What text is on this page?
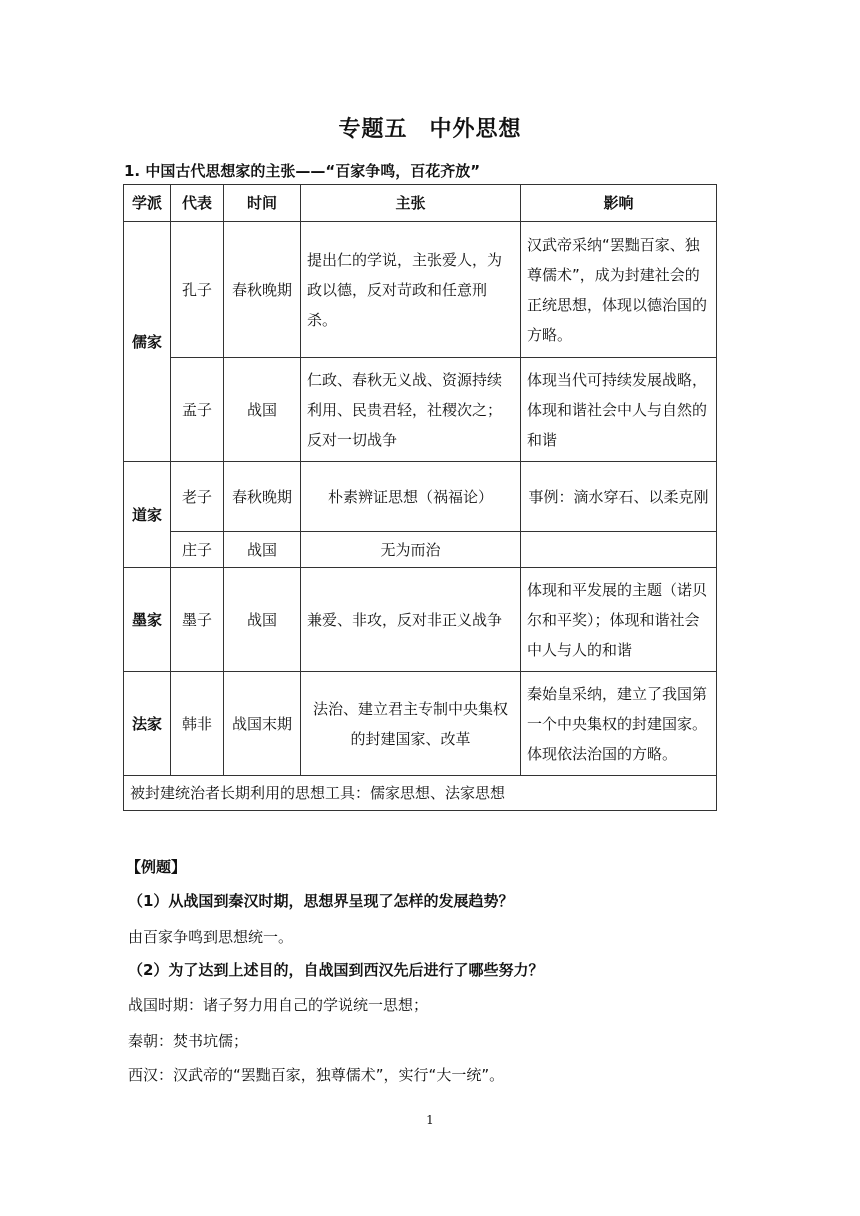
专题五 中外思想
1. 中国古代思想家的主张——“百家争鸣，百花齐放”
学派	代表	时间	主张	影响
儒家	孔子	春秋晚期	提出仁的学说，主张爱人，为政以德，反对苛政和任意刑杀。	汉武帝采纳“罢黜百家、独尊儒术”，成为封建社会的正统思想，体现以德治国的方略。
	孟子	战国	仁政、春秋无义战、资源持续利用、民贵君轻，社稷次之；反对一切战争	体现当代可持续发展战略，体现和谐社会中人与自然的和谐
道家	老子	春秋晚期	朴素辨证思想（祸福论）	事例：滴水穿石、以柔克刚
	庄子	战国	无为而治	
墨家	墨子	战国	兼爱、非攻，反对非正义战争	体现和平发展的主题（诺贝尔和平奖）；体现和谐社会中人与人的和谐
法家	韩非	战国末期	法治、建立君主专制中央集权的封建国家、改革	秦始皇采纳，建立了我国第一个中央集权的封建国家。体现依法治国的方略。
被封建统治者长期利用的思想工具：儒家思想、法家思想				
【例题】
（1）从战国到秦汉时期，思想界呈现了怎样的发展趋势？
由百家争鸣到思想统一。
（2）为了达到上述目的，自战国到西汉先后进行了哪些努力？
战国时期：诸子努力用自己的学说统一思想；
秦朝：焚书坑儒；
西汉：汉武帝的“罢黜百家，独尊儒术”，实行“大一统”。
1
